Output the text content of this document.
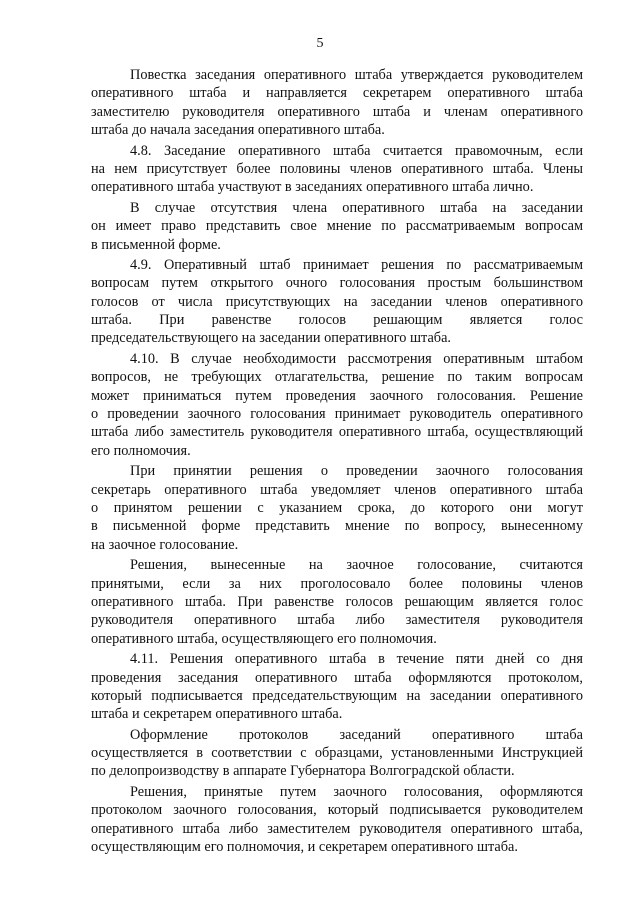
5
Повестка заседания оперативного штаба утверждается руководителем
оперативного штаба и направляется секретарем оперативного штаба
заместителю руководителя оперативного штаба и членам оперативного
штаба до начала заседания оперативного штаба.
4.8. Заседание оперативного штаба считается правомочным, если
на нем присутствует более половины членов оперативного штаба. Члены
оперативного штаба участвуют в заседаниях оперативного штаба лично.
В случае отсутствия члена оперативного штаба на заседании
он имеет право представить свое мнение по рассматриваемым вопросам
в письменной форме.
4.9. Оперативный штаб принимает решения по рассматриваемым
вопросам путем открытого очного голосования простым большинством
голосов от числа присутствующих на заседании членов оперативного
штаба. При равенстве голосов решающим является голос
председательствующего на заседании оперативного штаба.
4.10. В случае необходимости рассмотрения оперативным штабом
вопросов, не требующих отлагательства, решение по таким вопросам
может приниматься путем проведения заочного голосования. Решение
о проведении заочного голосования принимает руководитель оперативного
штаба либо заместитель руководителя оперативного штаба, осуществляющий
его полномочия.
При принятии решения о проведении заочного голосования
секретарь оперативного штаба уведомляет членов оперативного штаба
о принятом решении с указанием срока, до которого они могут
в письменной форме представить мнение по вопросу, вынесенному
на заочное голосование.
Решения, вынесенные на заочное голосование, считаются
принятыми, если за них проголосовало более половины членов
оперативного штаба. При равенстве голосов решающим является голос
руководителя оперативного штаба либо заместителя руководителя
оперативного штаба, осуществляющего его полномочия.
4.11. Решения оперативного штаба в течение пяти дней со дня
проведения заседания оперативного штаба оформляются протоколом,
который подписывается председательствующим на заседании оперативного
штаба и секретарем оперативного штаба.
Оформление протоколов заседаний оперативного штаба
осуществляется в соответствии с образцами, установленными Инструкцией
по делопроизводству в аппарате Губернатора Волгоградской области.
Решения, принятые путем заочного голосования, оформляются
протоколом заочного голосования, который подписывается руководителем
оперативного штаба либо заместителем руководителя оперативного штаба,
осуществляющим его полномочия, и секретарем оперативного штаба.
